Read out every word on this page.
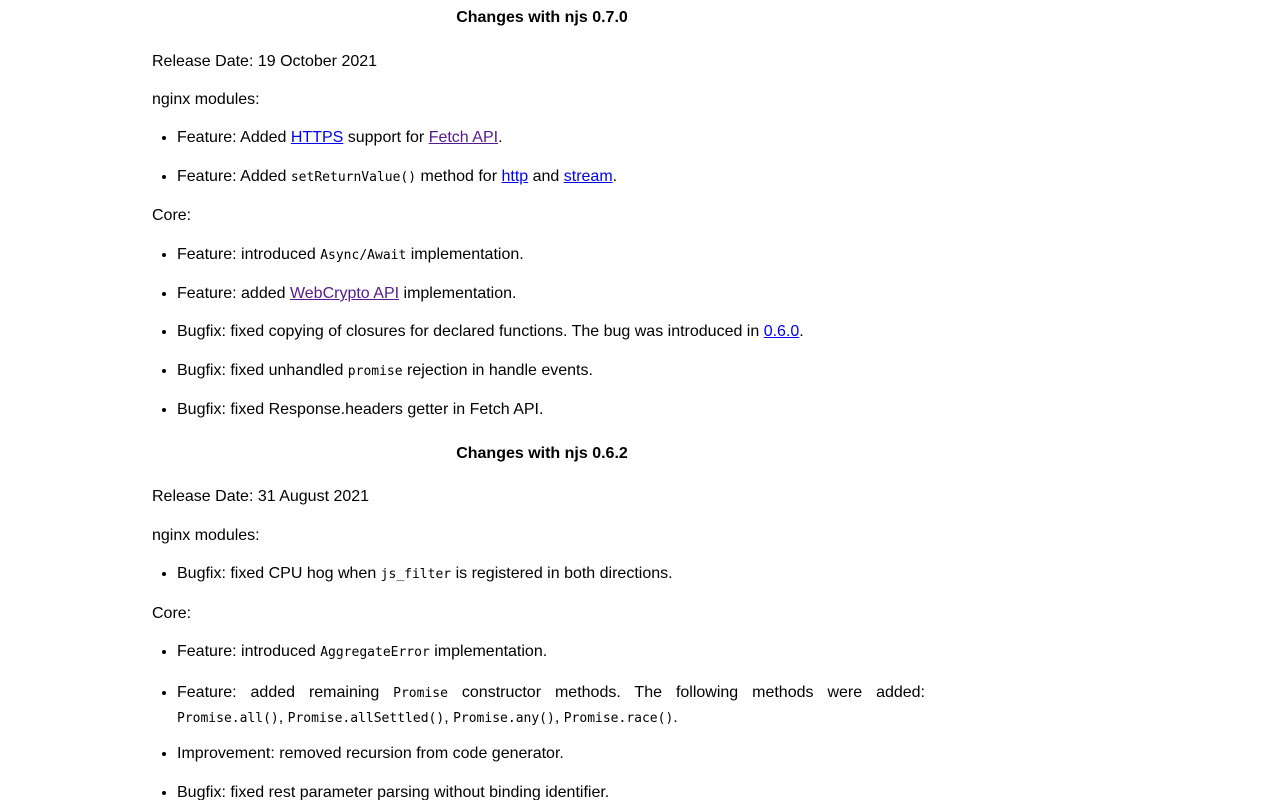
Changes with njs 0.7.0
Release Date: 19 October 2021
nginx modules:
• Feature: Added HTTPS support for Fetch API.
• Feature: Added setReturnValue() method for http and stream.
Core:
• Feature: introduced Async/Await implementation.
• Feature: added WebCrypto API implementation.
• Bugfix: fixed copying of closures for declared functions. The bug was introduced in 0.6.0.
• Bugfix: fixed unhandled promise rejection in handle events.
• Bugfix: fixed Response.headers getter in Fetch API.
Changes with njs 0.6.2
Release Date: 31 August 2021
nginx modules:
• Bugfix: fixed CPU hog when js_filter is registered in both directions.
Core:
• Feature: introduced AggregateError implementation.
• Feature: added remaining Promise constructor methods. The following methods were added: Promise.all(), Promise.allSettled(), Promise.any(), Promise.race().
• Improvement: removed recursion from code generator.
• Bugfix: fixed rest parameter parsing without binding identifier.
